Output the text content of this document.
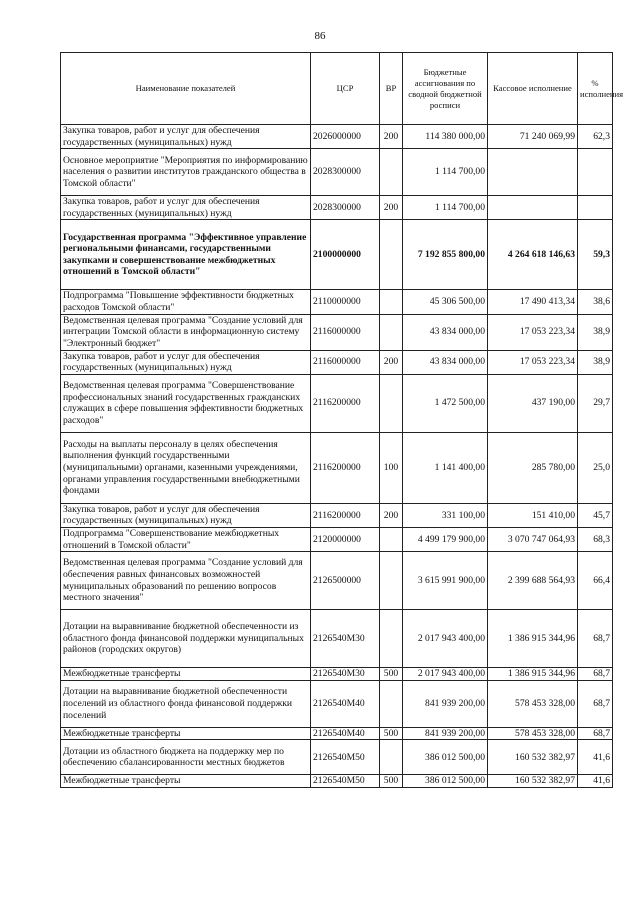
86
Наименование показателей	ЦСР	ВР	Бюджетные ассигнования по сводной бюджетной росписи	Кассовое исполнение	% исполнения
Закупка товаров, работ и услуг для обеспечения государственных (муниципальных) нужд	2026000000	200	114 380 000,00	71 240 069,99	62,3
Основное мероприятие "Мероприятия по информированию населения о развитии институтов гражданского общества в Томской области"	2028300000		1 114 700,00		
Закупка товаров, работ и услуг для обеспечения государственных (муниципальных) нужд	2028300000	200	1 114 700,00		
Государственная программа "Эффективное управление региональными финансами, государственными закупками и совершенствование межбюджетных отношений в Томской области"	2100000000		7 192 855 800,00	4 264 618 146,63	59,3
Подпрограмма "Повышение эффективности бюджетных расходов Томской области"	2110000000		45 306 500,00	17 490 413,34	38,6
Ведомственная целевая программа "Создание условий для интеграции Томской области в информационную систему "Электронный бюджет"	2116000000		43 834 000,00	17 053 223,34	38,9
Закупка товаров, работ и услуг для обеспечения государственных (муниципальных) нужд	2116000000	200	43 834 000,00	17 053 223,34	38,9
Ведомственная целевая программа "Совершенствование профессиональных знаний государственных гражданских служащих в сфере повышения эффективности бюджетных расходов"	2116200000		1 472 500,00	437 190,00	29,7
Расходы на выплаты персоналу в целях обеспечения выполнения функций государственными (муниципальными) органами, казенными учреждениями, органами управления государственными внебюджетными фондами	2116200000	100	1 141 400,00	285 780,00	25,0
Закупка товаров, работ и услуг для обеспечения государственных (муниципальных) нужд	2116200000	200	331 100,00	151 410,00	45,7
Подпрограмма "Совершенствование межбюджетных отношений в Томской области"	2120000000		4 499 179 900,00	3 070 747 064,93	68,3
Ведомственная целевая программа "Создание условий для обеспечения равных финансовых возможностей муниципальных образований по решению вопросов местного значения"	2126500000		3 615 991 900,00	2 399 688 564,93	66,4
Дотации на выравнивание бюджетной обеспеченности из областного фонда финансовой поддержки муниципальных районов (городских округов)	2126540М30		2 017 943 400,00	1 386 915 344,96	68,7
Межбюджетные трансферты	2126540М30	500	2 017 943 400,00	1 386 915 344,96	68,7
Дотации на выравнивание бюджетной обеспеченности поселений из областного фонда финансовой поддержки поселений	2126540М40		841 939 200,00	578 453 328,00	68,7
Межбюджетные трансферты	2126540М40	500	841 939 200,00	578 453 328,00	68,7
Дотации из областного бюджета на поддержку мер по обеспечению сбалансированности местных бюджетов	2126540М50		386 012 500,00	160 532 382,97	41,6
Межбюджетные трансферты	2126540М50	500	386 012 500,00	160 532 382,97	41,6
